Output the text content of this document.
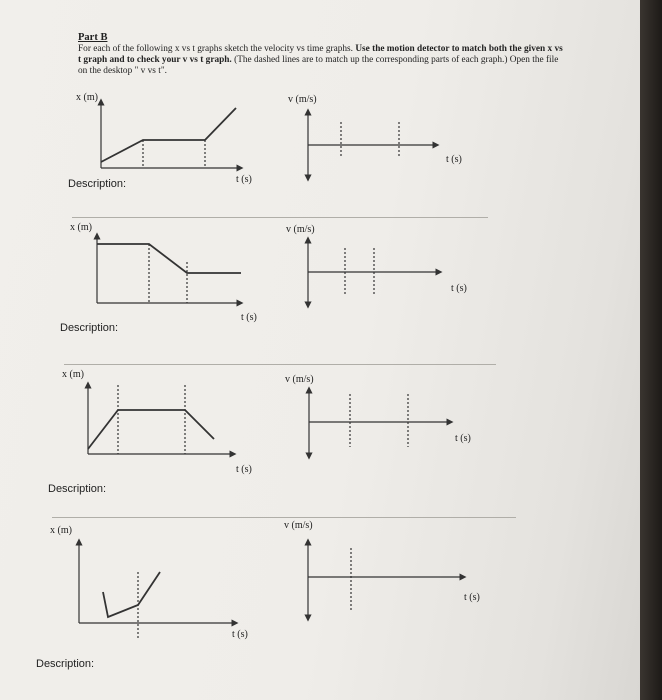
Part B
For each of the following x vs t graphs sketch the velocity vs time graphs. Use the motion detector to match both the given x vs t graph and to check your v vs t graph. (The dashed lines are to match up the corresponding parts of each graph.) Open the file on the desktop " v vs t".
x (m)	v (m/s)
t (s)
t (s)
Description:
x (m)	v (m/s)
t (s)
t (s)
Description:
x (m)	v (m/s)
t (s)
t (s)
Description:
x (m)	v (m/s)
t (s)
t (s)
Description:
